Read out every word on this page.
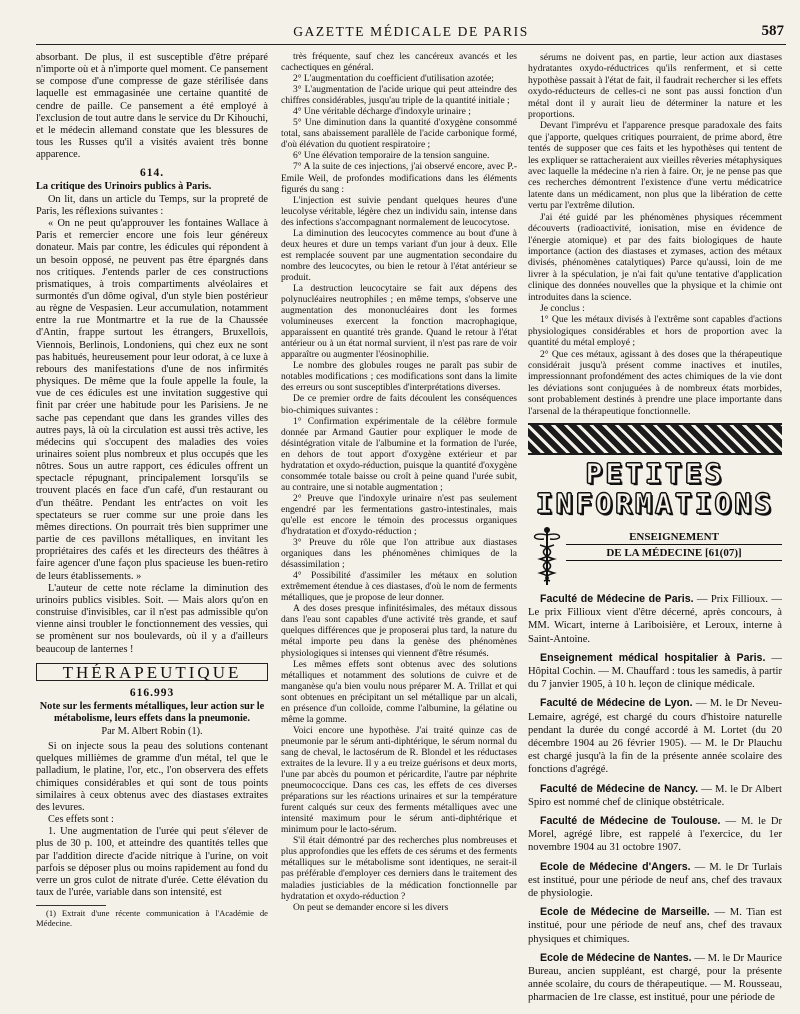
GAZETTE MÉDICALE DE PARIS	587

absorbant. De plus, il est susceptible d'être préparé n'importe où et à n'importe quel moment. Ce pansement se compose d'une compresse de gaze stérilisée dans laquelle est emmagasinée une certaine quantité de cendre de paille. Ce pansement a été employé à l'exclusion de tout autre dans le service du Dr Kihouchi, et le médecin allemand constate que les blessures de tous les Russes qu'il a visités avaient très bonne apparence.

614.

La critique des Urinoirs publics à Paris.

On lit, dans un article du Temps, sur la propreté de Paris, les réflexions suivantes :

« On ne peut qu'approuver les fontaines Wallace à Paris et remercier encore une fois leur généreux donateur. Mais par contre, les édicules qui répondent à un besoin opposé, ne peuvent pas être épargnés dans nos critiques. J'entends parler de ces constructions prismatiques, à trois compartiments alvéolaires et surmontés d'un dôme ogival, d'un style bien postérieur au règne de Vespasien. Leur accumulation, notamment entre la rue Montmartre et la rue de la Chaussée d'Antin, frappe surtout les étrangers, Bruxellois, Viennois, Berlinois, Londoniens, qui chez eux ne sont pas habitués, heureusement pour leur odorat, à ce luxe à rebours des manifestations d'une de nos infirmités physiques. De même que la foule appelle la foule, la vue de ces édicules est une invitation suggestive qui finit par créer une habitude pour les Parisiens. Je ne sache pas cependant que dans les grandes villes des autres pays, là où la circulation est aussi très active, les médecins qui s'occupent des maladies des voies urinaires soient plus nombreux et plus occupés que les nôtres. Sous un autre rapport, ces édicules offrent un spectacle répugnant, principalement lorsqu'ils se trouvent placés en face d'un café, d'un restaurant ou d'un théâtre. Pendant les entr'actes on voit les spectateurs se ruer comme sur une proie dans les mêmes directions. On pourrait très bien supprimer une partie de ces pavillons métalliques, en invitant les propriétaires des cafés et les directeurs des théâtres à faire agencer d'une façon plus spacieuse les buen-retiro de leurs établissements. »

L'auteur de cette note réclame la diminution des urinoirs publics visibles. Soit. — Mais alors qu'on en construise d'invisibles, car il n'est pas admissible qu'on vienne ainsi troubler le fonctionnement des vessies, qui se promènent sur nos boulevards, où il y a d'ailleurs beaucoup de lanternes !

THÉRAPEUTIQUE
616.993

Note sur les ferments métalliques, leur action sur le métabolisme, leurs effets dans la pneumonie.

Par M. Albert Robin (1).

Si on injecte sous la peau des solutions contenant quelques millièmes de gramme d'un métal, tel que le palladium, le platine, l'or, etc., l'on observera des effets chimiques considérables et qui sont de tous points similaires à ceux obtenus avec des diastases extraites des levures.

Ces effets sont :

1. Une augmentation de l'urée qui peut s'élever de plus de 30 p. 100, et atteindre des quantités telles que par l'addition directe d'acide nitrique à l'urine, on voit parfois se déposer plus ou moins rapidement au fond du verre un gros culot de nitrate d'urée. Cette élévation du taux de l'urée, variable dans son intensité, est

(1) Extrait d'une récente communication à l'Académie de Médecine.

très fréquente, sauf chez les cancéreux avancés et les cachectiques en général.

2° L'augmentation du coefficient d'utilisation azotée;

3° L'augmentation de l'acide urique qui peut atteindre des chiffres considérables, jusqu'au triple de la quantité initiale ;

4° Une véritable décharge d'indoxyle urinaire ;

5° Une diminution dans la quantité d'oxygène consommé total, sans abaissement parallèle de l'acide carbonique formé, d'où élévation du quotient respiratoire ;

6° Une élévation temporaire de la tension sanguine.

7° A la suite de ces injections, j'ai observé encore, avec P.-Emile Weil, de profondes modifications dans les éléments figurés du sang :

L'injection est suivie pendant quelques heures d'une leucolyse véritable, légère chez un individu sain, intense dans des infections s'accompagnant normalement de leucocytose.

La diminution des leucocytes commence au bout d'une à deux heures et dure un temps variant d'un jour à deux. Elle est remplacée souvent par une augmentation secondaire du nombre des leucocytes, ou bien le retour à l'état antérieur se produit.

La destruction leucocytaire se fait aux dépens des polynucléaires neutrophiles ; en même temps, s'observe une augmentation des mononucléaires dont les formes volumineuses exercent la fonction macrophagique, apparaissent en quantité très grande. Quand le retour à l'état antérieur ou à un état normal survient, il n'est pas rare de voir apparaître ou augmenter l'éosinophilie.

Le nombre des globules rouges ne paraît pas subir de notables modifications ; ces modifications sont dans la limite des erreurs ou sont susceptibles d'interprétations diverses.

De ce premier ordre de faits découlent les conséquences bio-chimiques suivantes :

1° Confirmation expérimentale de la célèbre formule donnée par Armand Gautier pour expliquer le mode de désintégration vitale de l'albumine et la formation de l'urée, en dehors de tout apport d'oxygène extérieur et par hydratation et oxydo-réduction, puisque la quantité d'oxygène consommée totale baisse ou croît à peine quand l'urée subit, au contraire, une si notable augmentation ;

2° Preuve que l'indoxyle urinaire n'est pas seulement engendré par les fermentations gastro-intestinales, mais qu'elle est encore le témoin des processus organiques d'hydratation et d'oxydo-réduction ;

3° Preuve du rôle que l'on attribue aux diastases organiques dans les phénomènes chimiques de la désassimilation ;

4° Possibilité d'assimiler les métaux en solution extrêmement étendue à ces diastases, d'où le nom de ferments métalliques, que je propose de leur donner.

A des doses presque infinitésimales, des métaux dissous dans l'eau sont capables d'une activité très grande, et sauf quelques différences que je proposerai plus tard, la nature du métal importe peu dans la genèse des phénomènes physiologiques si intenses qui viennent d'être résumés.

Les mêmes effets sont obtenus avec des solutions métalliques et notamment des solutions de cuivre et de manganèse qu'a bien voulu nous préparer M. A. Trillat et qui sont obtenues en précipitant un sel métallique par un alcali, en présence d'un colloïde, comme l'albumine, la gélatine ou même la gomme.

Voici encore une hypothèse. J'ai traité quinze cas de pneumonie par le sérum anti-diphtérique, le sérum normal du sang de cheval, le lactosérum de R. Blondel et les réductases extraites de la levure. Il y a eu treize guérisons et deux morts, l'une par abcès du poumon et péricardite, l'autre par néphrite pneumococcique. Dans ces cas, les effets de ces diverses préparations sur les réactions urinaires et sur la température furent calqués sur ceux des ferments métalliques avec une intensité maximum pour le sérum anti-diphtérique et minimum pour le lacto-sérum.

S'il était démontré par des recherches plus nombreuses et plus approfondies que les effets de ces sérums et des ferments métalliques sur le métabolisme sont identiques, ne serait-il pas préférable d'employer ces derniers dans le traitement des maladies justiciables de la médication fonctionnelle par hydratation et oxydo-réduction ?

On peut se demander encore si les divers

sérums ne doivent pas, en partie, leur action aux diastases hydratantes oxydo-réductrices qu'ils renferment, et si cette hypothèse passait à l'état de fait, il faudrait rechercher si les effets oxydo-réducteurs de celles-ci ne sont pas aussi fonction d'un métal dont il y aurait lieu de déterminer la nature et les proportions.

Devant l'imprévu et l'apparence presque paradoxale des faits que j'apporte, quelques critiques pourraient, de prime abord, être tentés de supposer que ces faits et les hypothèses qui tentent de les expliquer se rattacheraient aux vieilles rêveries métaphysiques avec laquelle la médecine n'a rien à faire. Or, je ne pense pas que ces recherches démontrent l'existence d'une vertu médicatrice latente dans un médicament, non plus que la libération de cette vertu par l'extrême dilution.

J'ai été guidé par les phénomènes physiques récemment découverts (radioactivité, ionisation, mise en évidence de l'énergie atomique) et par des faits biologiques de haute importance (action des diastases et zymases, action des métaux divisés, phénomènes catalytiques) Parce qu'aussi, loin de me livrer à la spéculation, je n'ai fait qu'une tentative d'application clinique des données nouvelles que la physique et la chimie ont introduites dans la science.

Je conclus :

1° Que les métaux divisés à l'extrême sont capables d'actions physiologiques considérables et hors de proportion avec la quantité du métal employé ;

2° Que ces métaux, agissant à des doses que la thérapeutique considérait jusqu'à présent comme inactives et inutiles, impressionnant profondément des actes chimiques de la vie dont les déviations sont conjuguées à de nombreux états morbides, sont probablement destinés à prendre une place importante dans l'arsenal de la thérapeutique fonctionnelle.

PETITES
INFORMATIONS
ENSEIGNEMENT
DE LA MÉDECINE [61(07)]

Faculté de Médecine de Paris. — Prix Fillioux. — Le prix Fillioux vient d'être décerné, après concours, à MM. Wicart, interne à Lariboisière, et Leroux, interne à Saint-Antoine.

Enseignement médical hospitalier à Paris. — Hôpital Cochin. — M. Chauffard : tous les samedis, à partir du 7 janvier 1905, à 10 h. leçon de clinique médicale.

Faculté de Médecine de Lyon. — M. le Dr Neveu-Lemaire, agrégé, est chargé du cours d'histoire naturelle pendant la durée du congé accordé à M. Lortet (du 20 décembre 1904 au 26 février 1905). — M. le Dr Plauchu est chargé jusqu'à la fin de la présente année scolaire des fonctions d'agrégé.

Faculté de Médecine de Nancy. — M. le Dr Albert Spiro est nommé chef de clinique obstétricale.

Faculté de Médecine de Toulouse. — M. le Dr Morel, agrégé libre, est rappelé à l'exercice, du 1er novembre 1904 au 31 octobre 1907.

Ecole de Médecine d'Angers. — M. le Dr Turlais est institué, pour une période de neuf ans, chef des travaux de physiologie.

Ecole de Médecine de Marseille. — M. Tian est institué, pour une période de neuf ans, chef des travaux physiques et chimiques.

Ecole de Médecine de Nantes. — M. le Dr Maurice Bureau, ancien suppléant, est chargé, pour la présente année scolaire, du cours de thérapeutique. — M. Rousseau, pharmacien de 1re classe, est institué, pour une période de
